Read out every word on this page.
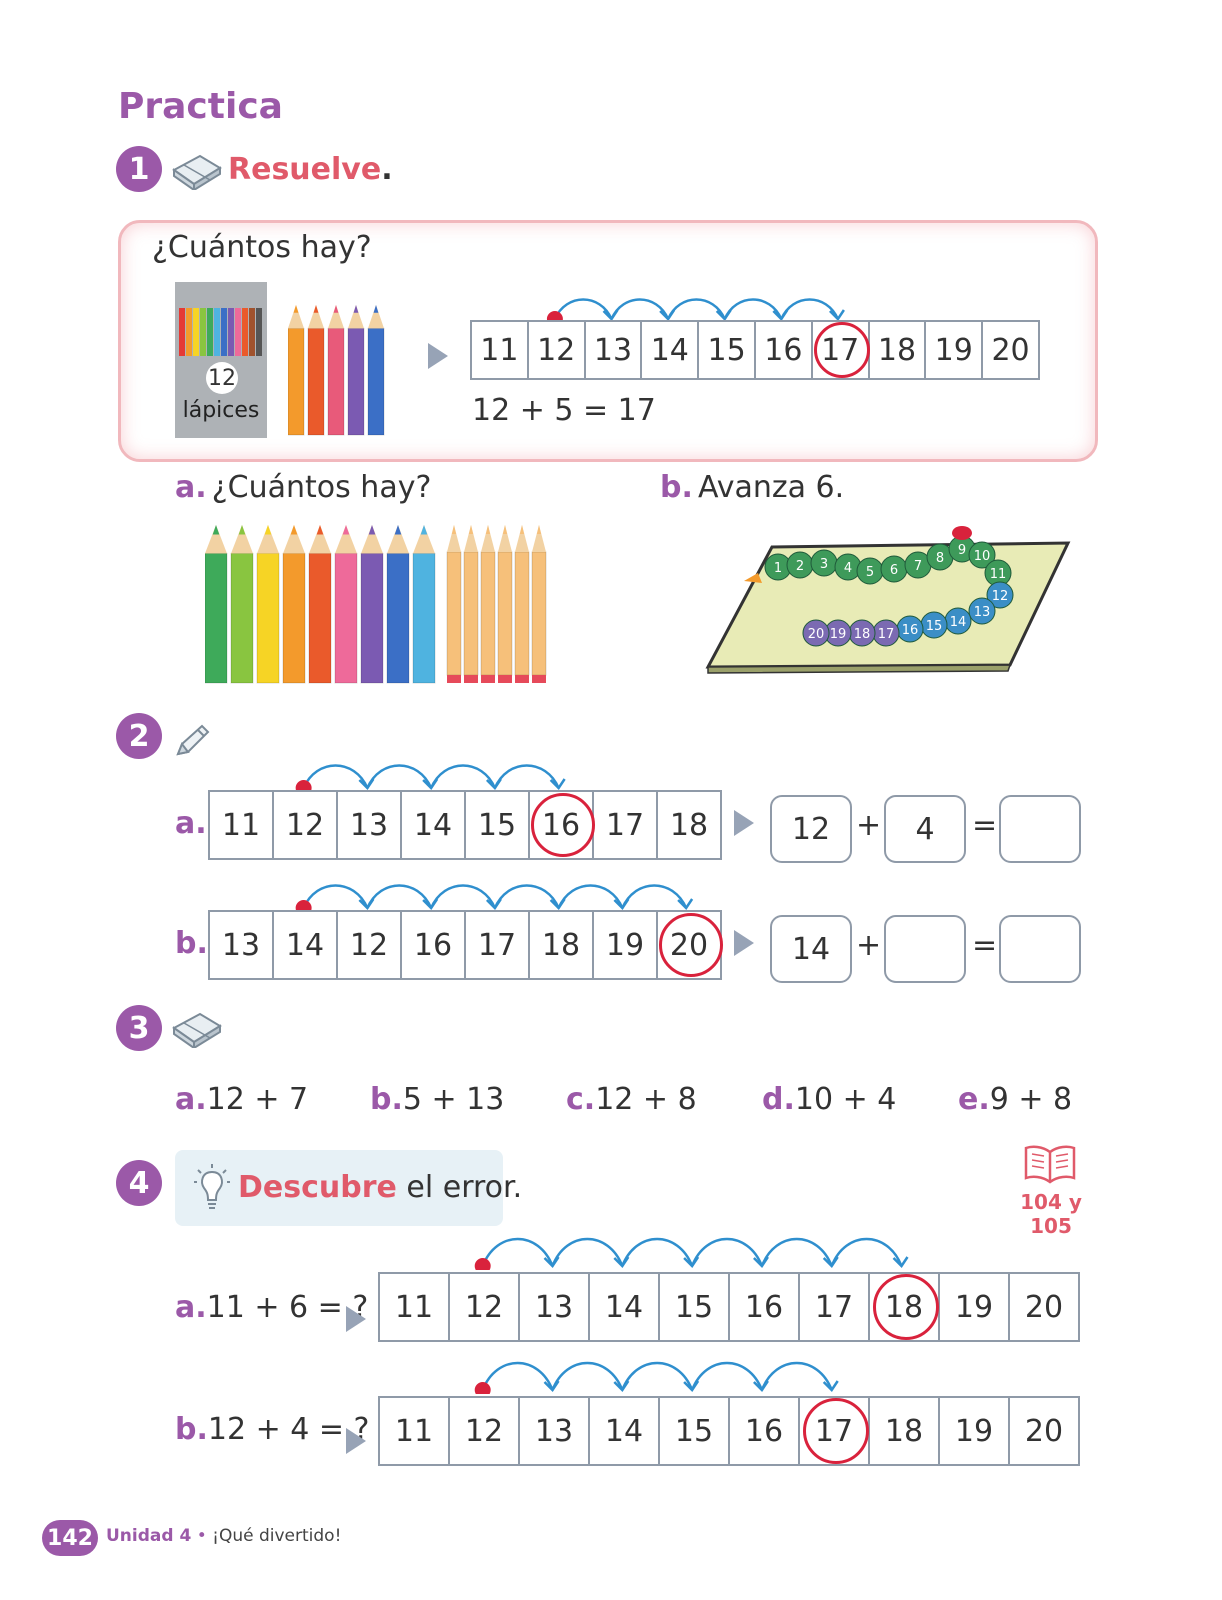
Practica
1	Resuelve.
¿Cuántos hay?
12
lápices
11 12 13 14 15 16 17 18 19 20
12 + 5 = 17
a. ¿Cuántos hay?	b. Avanza 6.
1 2 3 4 5 6 7
8
9 10
11
12
13
14
15
16
17
18
19
20
2
a. 11 12 13 14 15 16 17 18	12 +	4	=
b. 13 14 12 16 17 18 19 20	14 +	=
3
a.12 + 7 b.5 + 13 c.12 + 8 d.10 + 4 e.9 + 8
4	Descubre el error.	104 y 105
a.11 + 6 = ? 11	12	13	14	15	16	17	18	19	20
b.12 + 4 = ? 11	12	13	14	15	16	17	18	19	20
142 Unidad 4 • ¡Qué divertido!
